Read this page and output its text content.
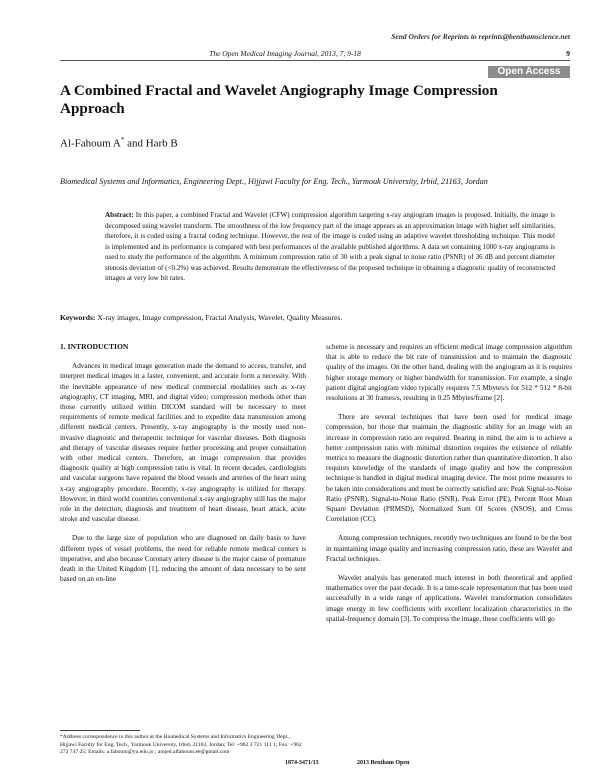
Send Orders for Reprints to reprints@benthamscience.net
The Open Medical Imaging Journal, 2013, 7, 9-18	9
Open Access
A Combined Fractal and Wavelet Angiography Image Compression Approach
Al-Fahoum A* and Harb B
Biomedical Systems and Informatics, Engineering Dept., Hijjawi Faculty for Eng. Tech., Yarmouk University, Irbid, 21163, Jordan
Abstract: In this paper, a combined Fractal and Wavelet (CFW) compression algorithm targeting x-ray angiogram images is proposed. Initially, the image is decomposed using wavelet transform. The smoothness of the low frequency part of the image appears as an approximation image with higher self similarities, therefore, it is coded using a fractal coding technique. However, the rest of the image is coded using an adaptive wavelet thresholding technique. This model is implemented and its performance is compared with best performances of the available published algorithms. A data set containing 1000 x-ray angiograms is used to study the performance of the algorithm. A minimum compression ratio of 30 with a peak signal to noise ratio (PSNR) of 36 dB and percent diameter stenosis deviation of (<0.2%) was achieved. Results demonstrate the effectiveness of the proposed technique in obtaining a diagnostic quality of reconstructed images at very low bit rates.
Keywords: X-ray images, Image compression, Fractal Analysis, Wavelet, Quality Measures.
1. INTRODUCTION

Advances in medical image generation made the demand to access, transfer, and interpret medical images in a faster, convenient, and accurate form a necessity. With the inevitable appearance of new medical commercial modalities such as x-ray angiography, CT imaging, MRI, and digital video; compression methods other than those currently utilized within DICOM standard will be necessary to meet requirements of remote medical facilities and to expedite data transmission among different medical centers. Presently, x-ray angiography is the mostly used non-invasive diagnostic and therapeutic technique for vascular diseases. Both diagnosis and therapy of vascular diseases require further processing and proper consultation with other medical centers. Therefore, an image compression that provides diagnostic quality at high compression ratio is vital. In recent decades, cardiologists and vascular surgeons have repaired the blood vessels and arteries of the heart using x-ray angiography procedure. Recently, x-ray angiography is utilized for therapy. However, in third world countries conventional x-ray angiography still has the major role in the detection, diagnosis and treatment of heart disease, heart attack, acute stroke and vascular disease.

Due to the large size of population who are diagnosed on daily basis to have different types of vessel problems, the need for reliable remote medical centers is imperative, and also because Coronary artery disease is the major cause of premature death in the United Kingdom [1], reducing the amount of data necessary to be sent based on an on-line

scheme is necessary and requires an efficient medical image compression algorithm that is able to reduce the bit rate of transmission and to maintain the diagnostic quality of the images. On the other hand, dealing with the angiogram as it is requires higher storage memory or higher bandwidth for transmission. For example, a single patient digital angiogram video typically requires 7.5 Mbytes/s for 512 * 512 * 8-bit resolutions at 30 frames/s, resulting in 0.25 Mbytes/frame [2].

There are several techniques that have been used for medical image compression, but those that maintain the diagnostic ability for an image with an increase in compression ratio are required. Bearing in mind, the aim is to achieve a better compression ratio with minimal distortion requires the existence of reliable metrics to measure the diagnostic distortion rather than quantitative distortion. It also requires knowledge of the standards of image quality and how the compression technique is handled in digital medical imaging device. The most prime measures to be taken into considerations and must be correctly satisfied are: Peak Signal-to-Noise Ratio (PSNR), Signal-to-Noise Ratio (SNR), Peak Error (PE), Percent Root Mean Square Deviation (PRMSD), Normalized Sum Of Scores (NSOS), and Cross Correlation (CC).

Among compression techniques, recently two techniques are found to be the best in maintaining image quality and increasing compression ratio, these are Wavelet and Fractal techniques.

Wavelet analysis has generated much interest in both theoretical and applied mathematics over the past decade. It is a time-scale representation that has been used successfully in a wide range of applications. Wavelet transformation consolidates image energy in few coefficients with excellent localization characteristics in the spatial-frequency domain [3]. To compress the image, these coefficients will go

*Address correspondence to this author at the Biomedical Systems and Informatics Engineering Dept., Hijjawi Faculty for Eng. Tech., Yarmouk University, Irbid, 21163, Jordan; Tel: +962 2 721 111 1; Fax: +962 272 747 25; Emails: a.fahoum@yu.edu.jo ; amjed.alfahoum.ee@gmail.com
1874-3471/13	2013 Bentham Open
